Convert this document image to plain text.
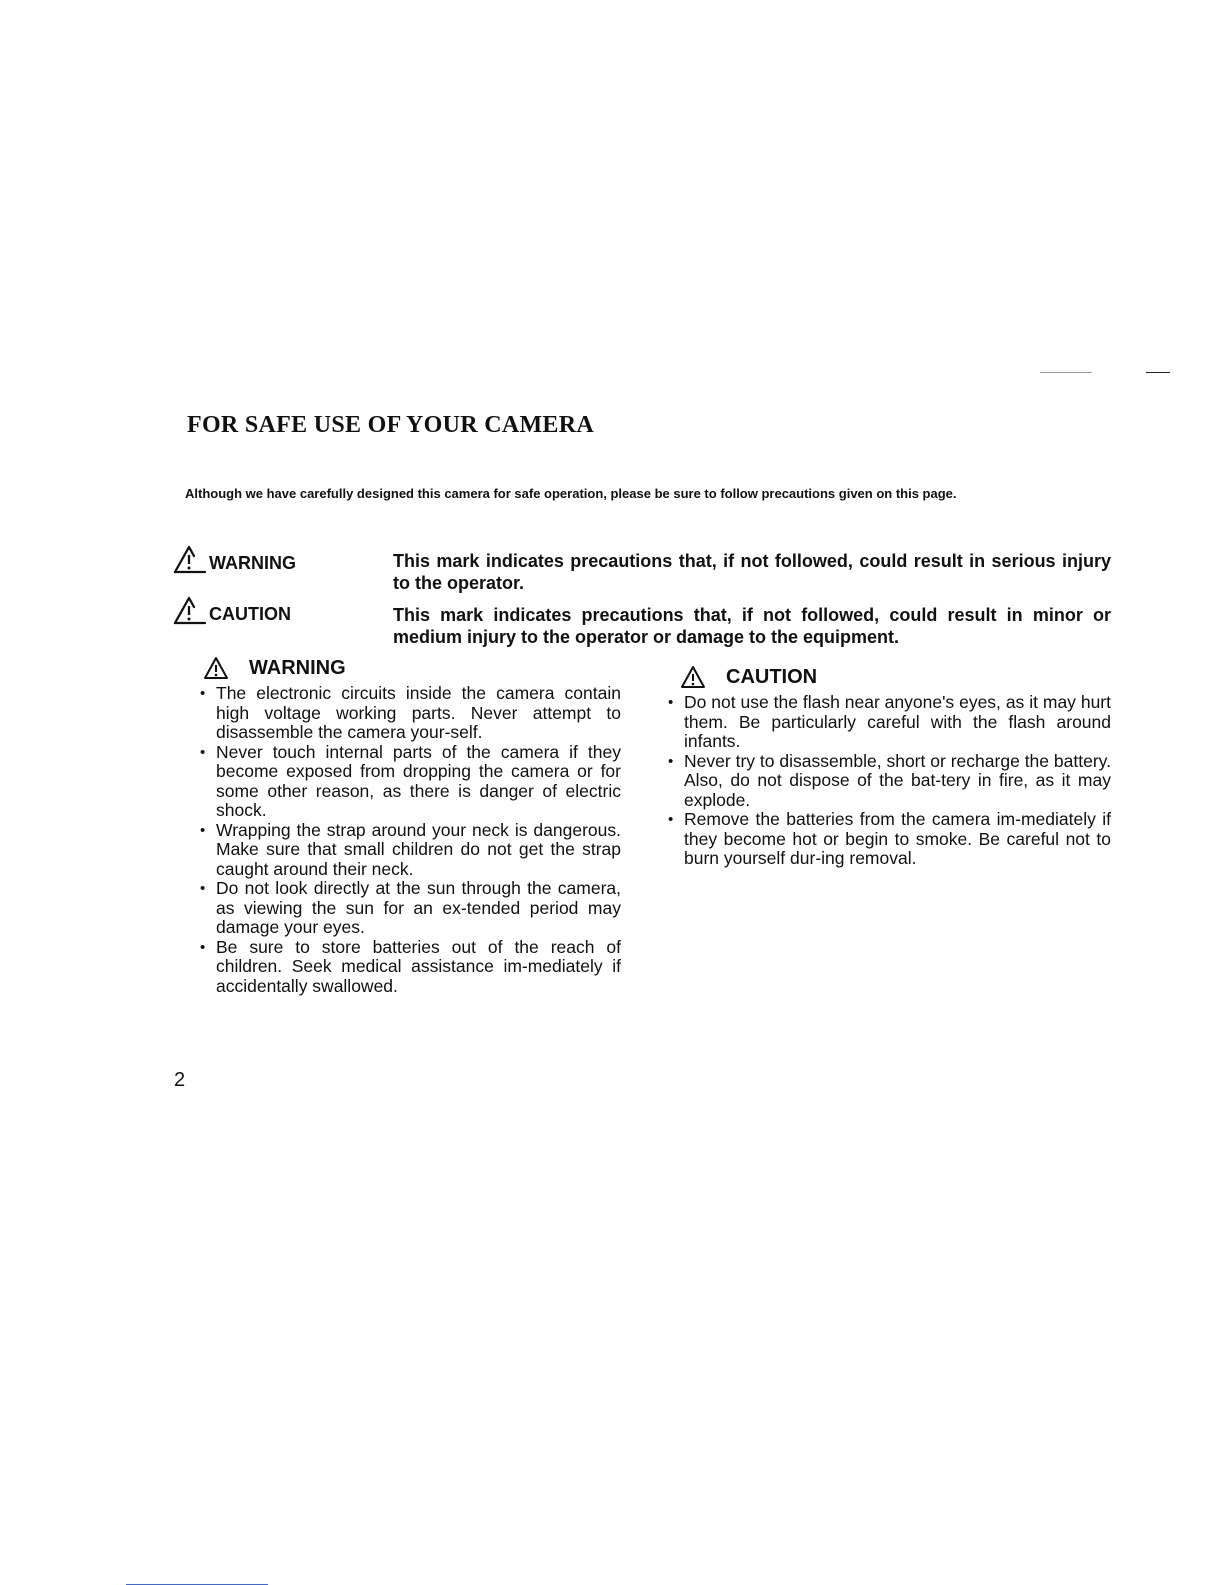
FOR SAFE USE OF YOUR CAMERA
Although we have carefully designed this camera for safe operation, please be sure to follow precautions given on this page.
WARNING	This mark indicates precautions that, if not followed, could result in serious injury to the operator.
CAUTION	This mark indicates precautions that, if not followed, could result in minor or medium injury to the operator or damage to the equipment.
WARNING
• The electronic circuits inside the camera contain high voltage working parts. Never attempt to disassemble the camera your-self.
• Never touch internal parts of the camera if they become exposed from dropping the camera or for some other reason, as there is danger of electric shock.
• Wrapping the strap around your neck is dangerous. Make sure that small children do not get the strap caught around their neck.
• Do not look directly at the sun through the camera, as viewing the sun for an ex-tended period may damage your eyes.
• Be sure to store batteries out of the reach of children. Seek medical assistance im-mediately if accidentally swallowed.
CAUTION
• Do not use the flash near anyone's eyes, as it may hurt them. Be particularly careful with the flash around infants.
• Never try to disassemble, short or recharge the battery. Also, do not dispose of the bat-tery in fire, as it may explode.
• Remove the batteries from the camera im-mediately if they become hot or begin to smoke. Be careful not to burn yourself dur-ing removal.
2
